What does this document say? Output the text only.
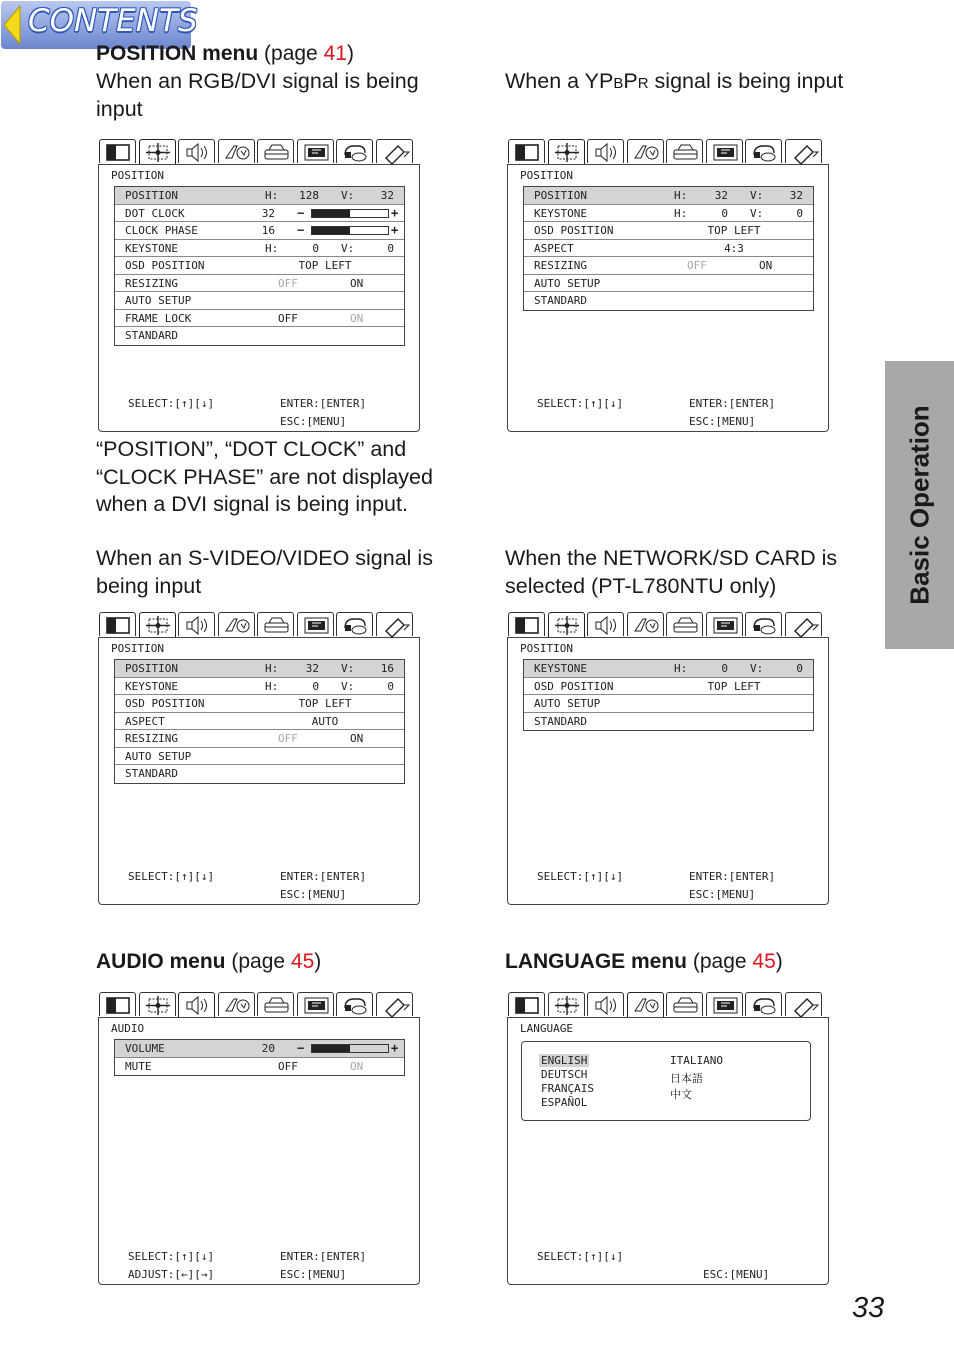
CONTENTS
POSITION menu (page 41)
When an RGB/DVI signal is being
input
When a YPBPR signal is being input
“POSITION”, “DOT CLOCK” and
“CLOCK PHASE” are not displayed
when a DVI signal is being input.
When an S-VIDEO/VIDEO signal is
being input
When the NETWORK/SD CARD is
selected (PT-L780NTU only)
AUDIO menu (page 45)	LANGUAGE menu (page 45)
Basic Operation
33
POSITION
POSITION	H: 128 V: 32
DOT CLOCK	32 −	+
CLOCK PHASE	16 −	+
KEYSTONE	H:	0 V:	0
OSD POSITION	TOP LEFT
RESIZING	OFF	ON
AUTO SETUP
FRAME LOCK	OFF	ON
STANDARD
SELECT:[↑][↓]	ENTER:[ENTER]
ESC:[MENU]
POSITION
POSITION	H:	32 V: 32
KEYSTONE	H:	0 V:	0
OSD POSITION	TOP LEFT
ASPECT	4:3
RESIZING	OFF	ON
AUTO SETUP
STANDARD
SELECT:[↑][↓]	ENTER:[ENTER]
ESC:[MENU]
POSITION
POSITION	H:	32 V: 16
KEYSTONE	H:	0 V:	0
OSD POSITION	TOP LEFT
ASPECT	AUTO
RESIZING	OFF	ON
AUTO SETUP
STANDARD
SELECT:[↑][↓]	ENTER:[ENTER]
ESC:[MENU]
POSITION
KEYSTONE	H:	0 V:	0
OSD POSITION	TOP LEFT
AUTO SETUP
STANDARD
SELECT:[↑][↓]	ENTER:[ENTER]
ESC:[MENU]
AUDIO
VOLUME	20 −	+
MUTE	OFF	ON
SELECT:[↑][↓]	ENTER:[ENTER]
ADJUST:[←][→]	ESC:[MENU]
LANGUAGE
ENGLISH
DEUTSCH
FRANÇAIS
ESPAÑOL
ITALIANO
日本語
中文
SELECT:[↑][↓]
ESC:[MENU]
